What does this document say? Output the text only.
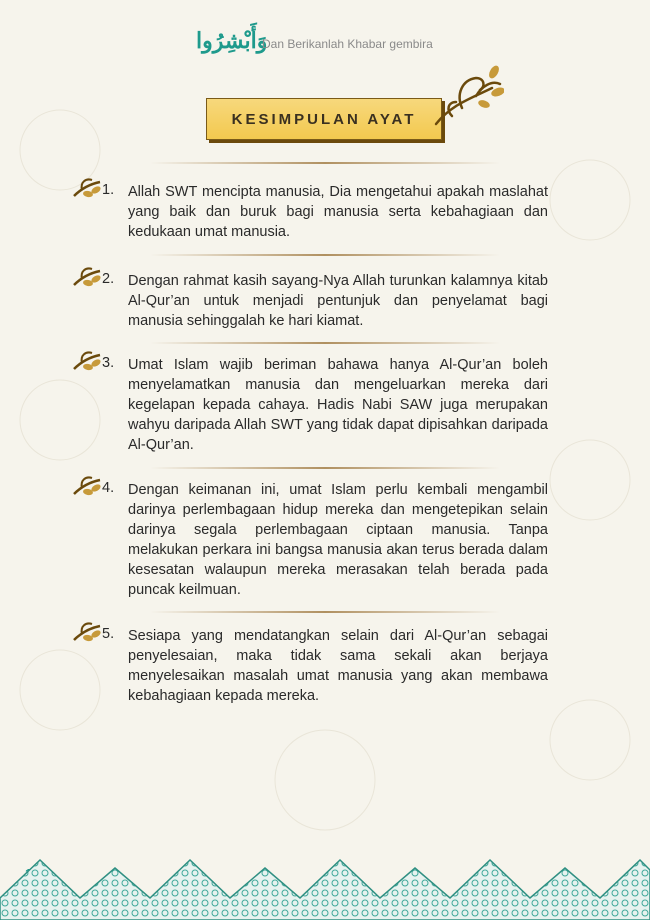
وَأَبْشِرُوا
Dan Berikanlah Khabar gembira
KESIMPULAN AYAT
1. Allah SWT mencipta manusia, Dia mengetahui apakah maslahat yang baik dan buruk bagi manusia serta kebahagiaan dan kedukaan umat manusia.
2. Dengan rahmat kasih sayang-Nya Allah turunkan kalamnya kitab Al-Qur’an untuk menjadi pentunjuk dan penyelamat bagi manusia sehinggalah ke hari kiamat.
3. Umat Islam wajib beriman bahawa hanya Al-Qur’an boleh menyelamatkan manusia dan mengeluarkan mereka dari kegelapan kepada cahaya. Hadis Nabi SAW juga merupakan wahyu daripada Allah SWT yang tidak dapat dipisahkan daripada Al-Qur’an.
4. Dengan keimanan ini, umat Islam perlu kembali mengambil darinya perlembagaan hidup mereka dan mengetepikan selain darinya segala perlembagaan ciptaan manusia. Tanpa melakukan perkara ini bangsa manusia akan terus berada dalam kesesatan walaupun mereka merasakan telah berada pada puncak keilmuan.
5. Sesiapa yang mendatangkan selain dari Al-Qur’an sebagai penyelesaian, maka tidak sama sekali akan berjaya menyelesaikan masalah umat manusia yang akan membawa kebahagiaan kepada mereka.
